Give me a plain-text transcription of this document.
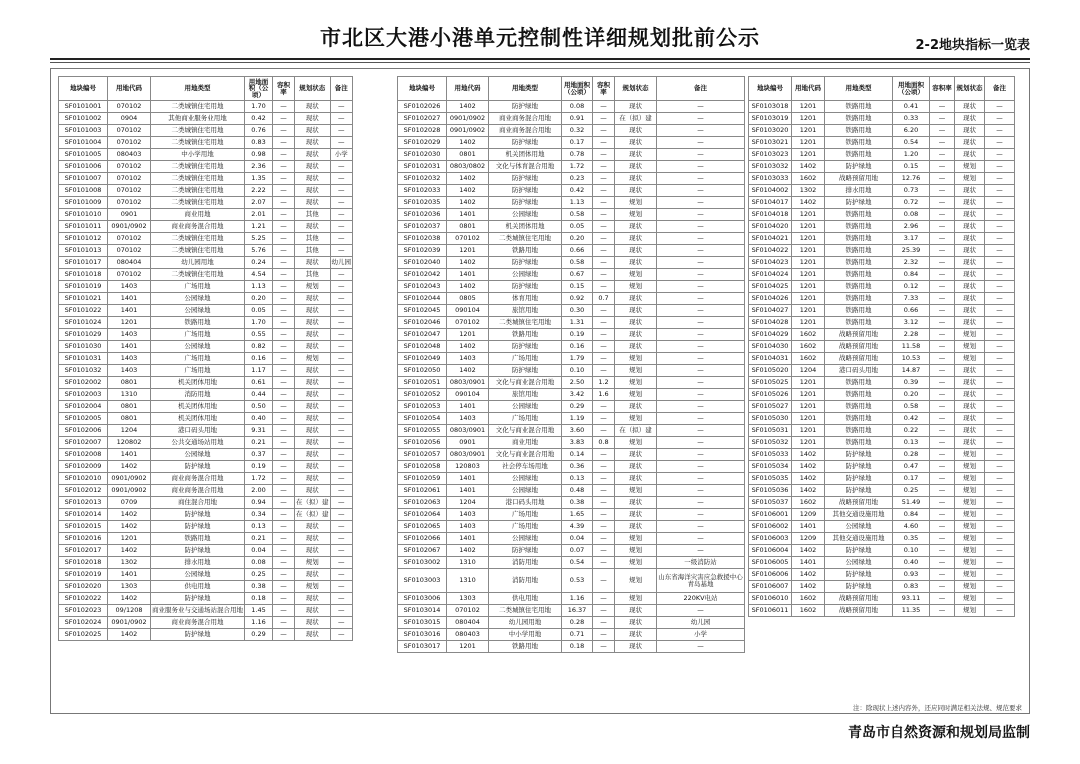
市北区大港小港单元控制性详细规划批前公示	2-2地块指标一览表
地块编号	用地代码	用地类型	用地面积（公顷）	容积率	规划状态	备注
SF0101001	070102	二类城镇住宅用地	1.70	—	现状	—
SF0101002	0904	其他商业服务业用地	0.42	—	现状	—
SF0101003	070102	二类城镇住宅用地	0.76	—	现状	—
SF0101004	070102	二类城镇住宅用地	0.83	—	现状	—
SF0101005	080403	中小学用地	0.98	—	现状	小学
SF0101006	070102	二类城镇住宅用地	2.36	—	现状	—
SF0101007	070102	二类城镇住宅用地	1.35	—	现状	—
SF0101008	070102	二类城镇住宅用地	2.22	—	现状	—
SF0101009	070102	二类城镇住宅用地	2.07	—	现状	—
SF0101010	0901	商业用地	2.01	—	其他	—
SF0101011	0901/0902	商业商务混合用地	1.21	—	现状	—
SF0101012	070102	二类城镇住宅用地	5.25	—	其他	—
SF0101013	070102	二类城镇住宅用地	5.76	—	其他	—
SF0101017	080404	幼儿园用地	0.24	—	现状	幼儿园
SF0101018	070102	二类城镇住宅用地	4.54	—	其他	—
SF0101019	1403	广场用地	1.13	—	规划	—
SF0101021	1401	公园绿地	0.20	—	现状	—
SF0101022	1401	公园绿地	0.05	—	现状	—
SF0101024	1201	铁路用地	1.70	—	现状	—
SF0101029	1403	广场用地	0.55	—	现状	—
SF0101030	1401	公园绿地	0.82	—	现状	—
SF0101031	1403	广场用地	0.16	—	规划	—
SF0101032	1403	广场用地	1.17	—	现状	—
SF0102002	0801	机关团体用地	0.61	—	现状	—
SF0102003	1310	消防用地	0.44	—	现状	—
SF0102004	0801	机关团体用地	0.50	—	现状	—
SF0102005	0801	机关团体用地	0.40	—	现状	—
SF0102006	1204	港口码头用地	9.31	—	现状	—
SF0102007	120802	公共交通场站用地	0.21	—	现状	—
SF0102008	1401	公园绿地	0.37	—	现状	—
SF0102009	1402	防护绿地	0.19	—	现状	—
SF0102010	0901/0902	商业商务混合用地	1.72	—	现状	—
SF0102012	0901/0902	商业商务混合用地	2.00	—	现状	—
SF0102013	0709	商住混合用地	0.94	—	在（拟）建	—
SF0102014	1402	防护绿地	0.34	—	在（拟）建	—
SF0102015	1402	防护绿地	0.13	—	现状	—
SF0102016	1201	铁路用地	0.21	—	现状	—
SF0102017	1402	防护绿地	0.04	—	现状	—
SF0102018	1302	排水用地	0.08	—	规划	—
SF0102019	1401	公园绿地	0.25	—	现状	—
SF0102020	1303	供电用地	0.38	—	规划	—
SF0102022	1402	防护绿地	0.18	—	现状	—
SF0102023	09/1208	商业服务业与交通场站混合用地	1.45	—	现状	—
SF0102024	0901/0902	商业商务混合用地	1.16	—	现状	—
SF0102025	1402	防护绿地	0.29	—	现状	—
地块编号	用地代码	用地类型	用地面积（公顷）	容积率	规划状态	备注
SF0102026	1402	防护绿地	0.08	—	现状	—
SF0102027	0901/0902	商业商务混合用地	0.91	—	在（拟）建	—
SF0102028	0901/0902	商业商务混合用地	0.32	—	现状	—
SF0102029	1402	防护绿地	0.17	—	现状	—
SF0102030	0801	机关团体用地	0.78	—	现状	—
SF0102031	0803/0802	文化与体育混合用地	1.72	—	现状	—
SF0102032	1402	防护绿地	0.23	—	现状	—
SF0102033	1402	防护绿地	0.42	—	现状	—
SF0102035	1402	防护绿地	1.13	—	规划	—
SF0102036	1401	公园绿地	0.58	—	规划	—
SF0102037	0801	机关团体用地	0.05	—	现状	—
SF0102038	070102	二类城镇住宅用地	0.20	—	现状	—
SF0102039	1201	铁路用地	0.66	—	现状	—
SF0102040	1402	防护绿地	0.58	—	现状	—
SF0102042	1401	公园绿地	0.67	—	规划	—
SF0102043	1402	防护绿地	0.15	—	规划	—
SF0102044	0805	体育用地	0.92	0.7	现状	—
SF0102045	090104	旅馆用地	0.30	—	现状	—
SF0102046	070102	二类城镇住宅用地	1.31	—	现状	—
SF0102047	1201	铁路用地	0.19	—	现状	—
SF0102048	1402	防护绿地	0.16	—	现状	—
SF0102049	1403	广场用地	1.79	—	规划	—
SF0102050	1402	防护绿地	0.10	—	规划	—
SF0102051	0803/0901	文化与商业混合用地	2.50	1.2	规划	—
SF0102052	090104	旅馆用地	3.42	1.6	规划	—
SF0102053	1401	公园绿地	0.29	—	现状	—
SF0102054	1403	广场用地	1.19	—	规划	—
SF0102055	0803/0901	文化与商业混合用地	3.60	—	在（拟）建	—
SF0102056	0901	商业用地	3.83	0.8	规划	—
SF0102057	0803/0901	文化与商业混合用地	0.14	—	现状	—
SF0102058	120803	社会停车场用地	0.36	—	现状	—
SF0102059	1401	公园绿地	0.13	—	现状	—
SF0102061	1401	公园绿地	0.48	—	规划	—
SF0102063	1204	港口码头用地	0.38	—	现状	—
SF0102064	1403	广场用地	1.65	—	现状	—
SF0102065	1403	广场用地	4.39	—	现状	—
SF0102066	1401	公园绿地	0.04	—	规划	—
SF0102067	1402	防护绿地	0.07	—	规划	—
SF0103002	1310	消防用地	0.54	—	规划	一级消防站
SF0103003	1310	消防用地	0.53	—	规划	山东省海洋灾害应急救援中心青岛基地
SF0103006	1303	供电用地	1.16	—	规划	220KV电站
SF0103014	070102	二类城镇住宅用地	16.37	—	现状	—
SF0103015	080404	幼儿园用地	0.28	—	现状	幼儿园
SF0103016	080403	中小学用地	0.71	—	现状	小学
SF0103017	1201	铁路用地	0.18	—	现状	—
地块编号	用地代码	用地类型	用地面积（公顷）	容积率	规划状态	备注
SF0103018	1201	铁路用地	0.41	—	现状	—
SF0103019	1201	铁路用地	0.33	—	现状	—
SF0103020	1201	铁路用地	6.20	—	现状	—
SF0103021	1201	铁路用地	0.54	—	现状	—
SF0103023	1201	铁路用地	1.20	—	现状	—
SF0103032	1402	防护绿地	0.15	—	规划	—
SF0103033	1602	战略预留用地	12.76	—	规划	—
SF0104002	1302	排水用地	0.73	—	现状	—
SF0104017	1402	防护绿地	0.72	—	现状	—
SF0104018	1201	铁路用地	0.08	—	现状	—
SF0104020	1201	铁路用地	2.96	—	现状	—
SF0104021	1201	铁路用地	3.17	—	现状	—
SF0104022	1201	铁路用地	25.39	—	现状	—
SF0104023	1201	铁路用地	2.32	—	现状	—
SF0104024	1201	铁路用地	0.84	—	现状	—
SF0104025	1201	铁路用地	0.12	—	现状	—
SF0104026	1201	铁路用地	7.33	—	现状	—
SF0104027	1201	铁路用地	0.66	—	现状	—
SF0104028	1201	铁路用地	3.12	—	现状	—
SF0104029	1602	战略预留用地	2.28	—	规划	—
SF0104030	1602	战略预留用地	11.58	—	规划	—
SF0104031	1602	战略预留用地	10.53	—	规划	—
SF0105020	1204	港口码头用地	14.87	—	现状	—
SF0105025	1201	铁路用地	0.39	—	现状	—
SF0105026	1201	铁路用地	0.20	—	现状	—
SF0105027	1201	铁路用地	0.58	—	现状	—
SF0105030	1201	铁路用地	0.42	—	现状	—
SF0105031	1201	铁路用地	0.22	—	现状	—
SF0105032	1201	铁路用地	0.13	—	现状	—
SF0105033	1402	防护绿地	0.28	—	规划	—
SF0105034	1402	防护绿地	0.47	—	规划	—
SF0105035	1402	防护绿地	0.17	—	规划	—
SF0105036	1402	防护绿地	0.25	—	规划	—
SF0105037	1602	战略预留用地	51.49	—	规划	—
SF0106001	1209	其他交通设施用地	0.84	—	规划	—
SF0106002	1401	公园绿地	4.60	—	规划	—
SF0106003	1209	其他交通设施用地	0.35	—	规划	—
SF0106004	1402	防护绿地	0.10	—	规划	—
SF0106005	1401	公园绿地	0.40	—	规划	—
SF0106006	1402	防护绿地	0.93	—	规划	—
SF0106007	1402	防护绿地	0.83	—	规划	—
SF0106010	1602	战略预留用地	93.11	—	规划	—
SF0106011	1602	战略预留用地	11.35	—	规划	—
注：除现状上述内容外，还应同时满足相关法规、规范要求
青岛市自然资源和规划局监制
